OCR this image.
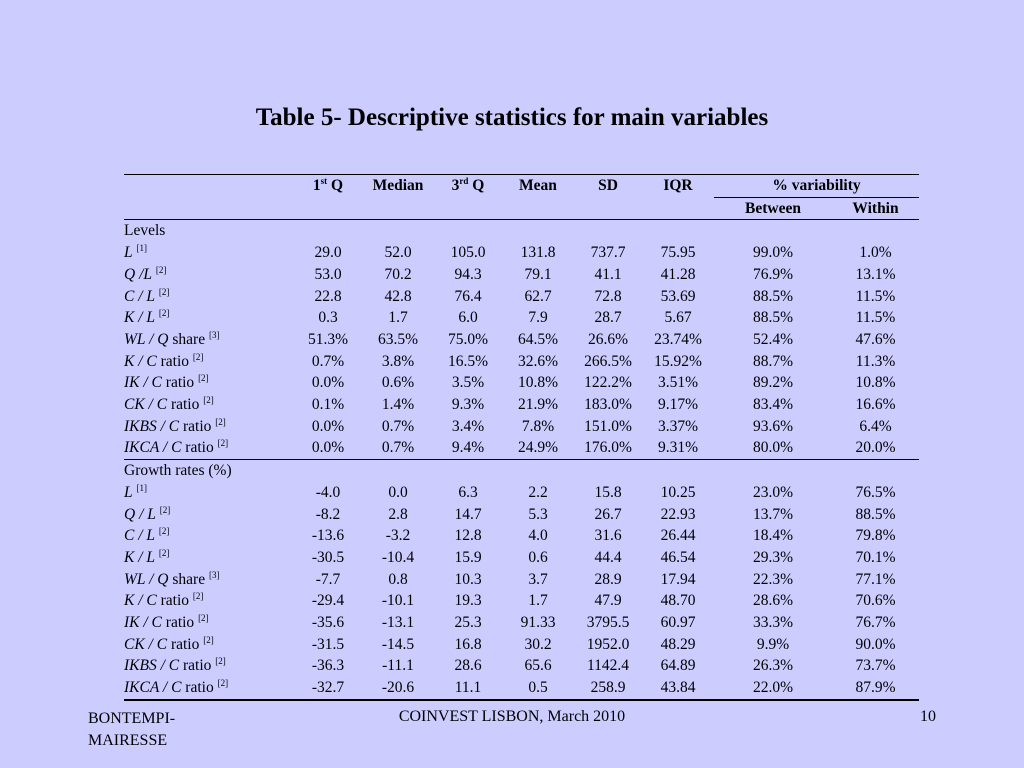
Table 5- Descriptive statistics for main variables
	1st Q	Median	3rd Q	Mean	SD	IQR	% variability	
							Between	Within
Levels								
L [1]	29.0	52.0	105.0	131.8	737.7	75.95	99.0%	1.0%
Q /L [2]	53.0	70.2	94.3	79.1	41.1	41.28	76.9%	13.1%
C / L [2]	22.8	42.8	76.4	62.7	72.8	53.69	88.5%	11.5%
K / L [2]	0.3	1.7	6.0	7.9	28.7	5.67	88.5%	11.5%
WL / Q share [3]	51.3%	63.5%	75.0%	64.5%	26.6%	23.74%	52.4%	47.6%
K / C ratio [2]	0.7%	3.8%	16.5%	32.6%	266.5%	15.92%	88.7%	11.3%
IK / C ratio [2]	0.0%	0.6%	3.5%	10.8%	122.2%	3.51%	89.2%	10.8%
CK / C ratio [2]	0.1%	1.4%	9.3%	21.9%	183.0%	9.17%	83.4%	16.6%
IKBS / C ratio [2]	0.0%	0.7%	3.4%	7.8%	151.0%	3.37%	93.6%	6.4%
IKCA / C ratio [2]	0.0%	0.7%	9.4%	24.9%	176.0%	9.31%	80.0%	20.0%
Growth rates (%)								
L [1]	-4.0	0.0	6.3	2.2	15.8	10.25	23.0%	76.5%
Q / L [2]	-8.2	2.8	14.7	5.3	26.7	22.93	13.7%	88.5%
C / L [2]	-13.6	-3.2	12.8	4.0	31.6	26.44	18.4%	79.8%
K / L [2]	-30.5	-10.4	15.9	0.6	44.4	46.54	29.3%	70.1%
WL / Q share [3]	-7.7	0.8	10.3	3.7	28.9	17.94	22.3%	77.1%
K / C ratio [2]	-29.4	-10.1	19.3	1.7	47.9	48.70	28.6%	70.6%
IK / C ratio [2]	-35.6	-13.1	25.3	91.33	3795.5	60.97	33.3%	76.7%
CK / C ratio [2]	-31.5	-14.5	16.8	30.2	1952.0	48.29	9.9%	90.0%
IKBS / C ratio [2]	-36.3	-11.1	28.6	65.6	1142.4	64.89	26.3%	73.7%
IKCA / C ratio [2]	-32.7	-20.6	11.1	0.5	258.9	43.84	22.0%	87.9%
BONTEMPI-MAIRESSE
COINVEST LISBON, March 2010	10
